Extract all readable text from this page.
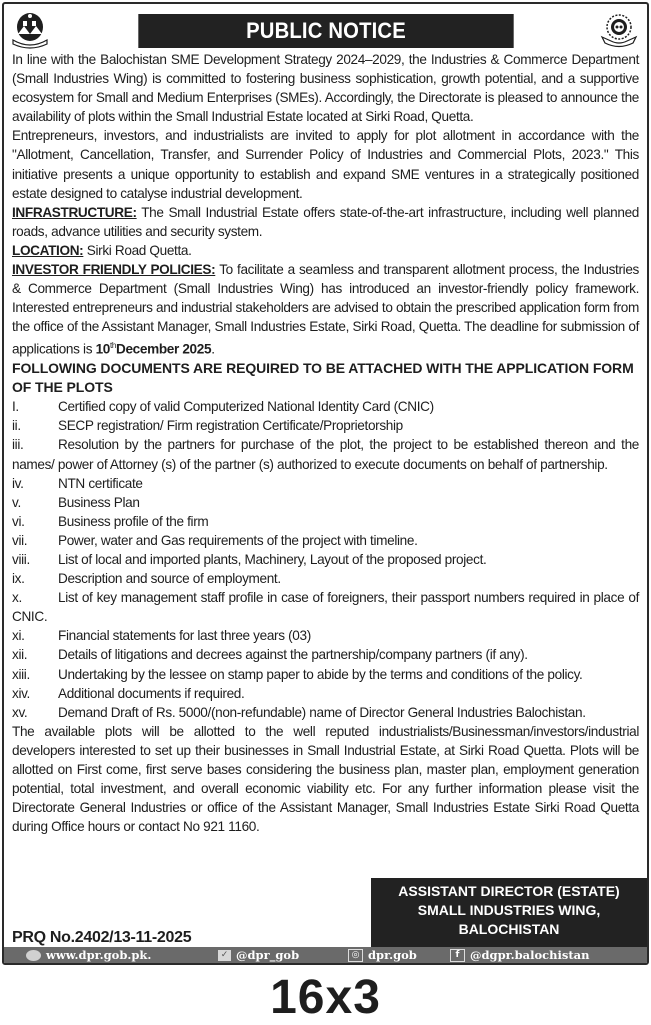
PUBLIC NOTICE

In line with the Balochistan SME Development Strategy 2024–2029, the Industries & Commerce Department (Small Industries Wing) is committed to fostering business sophistication, growth potential, and a supportive ecosystem for Small and Medium Enterprises (SMEs). Accordingly, the Directorate is pleased to announce the availability of plots within the Small Industrial Estate located at Sirki Road, Quetta.

Entrepreneurs, investors, and industrialists are invited to apply for plot allotment in accordance with the "Allotment, Cancellation, Transfer, and Surrender Policy of Industries and Commercial Plots, 2023." This initiative presents a unique opportunity to establish and expand SME ventures in a strategically positioned estate designed to catalyse industrial development.

INFRASTRUCTURE: The Small Industrial Estate offers state-of-the-art infrastructure, including well planned roads, advance utilities and security system.

LOCATION: Sirki Road Quetta.

INVESTOR FRIENDLY POLICIES: To facilitate a seamless and transparent allotment process, the Industries & Commerce Department (Small Industries Wing) has introduced an investor-friendly policy framework. Interested entrepreneurs and industrial stakeholders are advised to obtain the prescribed application form from the office of the Assistant Manager, Small Industries Estate, Sirki Road, Quetta. The deadline for submission of applications is 10thDecember 2025.

FOLLOWING DOCUMENTS ARE REQUIRED TO BE ATTACHED WITH THE APPLICATION FORM OF THE PLOTS

I.	Certified copy of valid Computerized National Identity Card (CNIC)
ii.	SECP registration/ Firm registration Certificate/Proprietorship
iii.	Resolution by the partners for purchase of the plot, the project to be established thereon and the names/ power of Attorney (s) of the partner (s) authorized to execute documents on behalf of partnership.
iv.	NTN certificate
v.	Business Plan
vi. Business profile of the firm
vii. Power, water and Gas requirements of the project with timeline.
viii. List of local and imported plants, Machinery, Layout of the proposed project.
ix. Description and source of employment.
x.	List of key management staff profile in case of foreigners, their passport numbers required in place of CNIC.
xi. Financial statements for last three years (03)
xii. Details of litigations and decrees against the partnership/company partners (if any).
xiii. Undertaking by the lessee on stamp paper to abide by the terms and conditions of the policy.
xiv. Additional documents if required.
xv. Demand Draft of Rs. 5000/(non-refundable) name of Director General Industries Balochistan.

The available plots will be allotted to the well reputed industrialists/Businessman/investors/industrial developers interested to set up their businesses in Small Industrial Estate, at Sirki Road Quetta. Plots will be allotted on First come, first serve bases considering the business plan, master plan, employment generation potential, total investment, and overall economic viability etc. For any further information please visit the Directorate General Industries or office of the Assistant Manager, Small Industries Estate Sirki Road Quetta during Office hours or contact No 921 1160.

ASSISTANT DIRECTOR (ESTATE)
SMALL INDUSTRIES WING,
BALOCHISTAN
PRQ No.2402/13-11-2025
www.dpr.gob.pk.	✓ @dpr_gob	◎ dpr.gob	f @dgpr.balochistan
16x3
